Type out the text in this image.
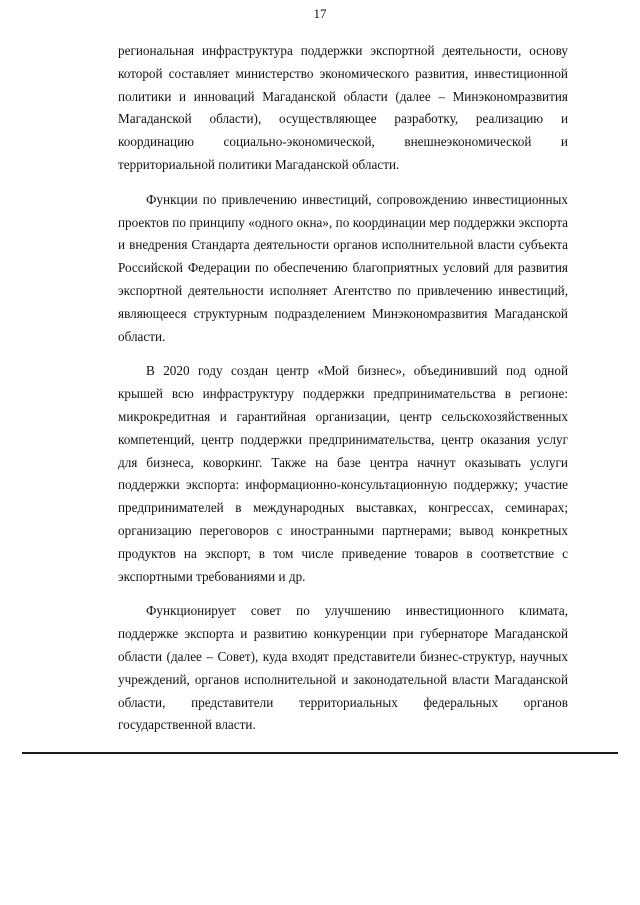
17

региональная инфраструктура поддержки экспортной деятельности, основу которой составляет министерство экономического развития, инвестиционной политики и инноваций Магаданской области (далее – Минэкономразвития Магаданской области), осуществляющее разработку, реализацию и координацию социально-экономической, внешнеэкономической и территориальной политики Магаданской области.

Функции по привлечению инвестиций, сопровождению инвестиционных проектов по принципу «одного окна», по координации мер поддержки экспорта и внедрения Стандарта деятельности органов исполнительной власти субъекта Российской Федерации по обеспечению благоприятных условий для развития экспортной деятельности исполняет Агентство по привлечению инвестиций, являющееся структурным подразделением Минэкономразвития Магаданской области.

В 2020 году создан центр «Мой бизнес», объединивший под одной крышей всю инфраструктуру поддержки предпринимательства в регионе: микрокредитная и гарантийная организации, центр сельскохозяйственных компетенций, центр поддержки предпринимательства, центр оказания услуг для бизнеса, коворкинг. Также на базе центра начнут оказывать услуги поддержки экспорта: информационно-консультационную поддержку; участие предпринимателей в международных выставках, конгрессах, семинарах; организацию переговоров с иностранными партнерами; вывод конкретных продуктов на экспорт, в том числе приведение товаров в соответствие с экспортными требованиями и др.

Функционирует совет по улучшению инвестиционного климата, поддержке экспорта и развитию конкуренции при губернаторе Магаданской области (далее – Совет), куда входят представители бизнес-структур, научных учреждений, органов исполнительной и законодательной власти Магаданской области, представители территориальных федеральных органов государственной власти.
